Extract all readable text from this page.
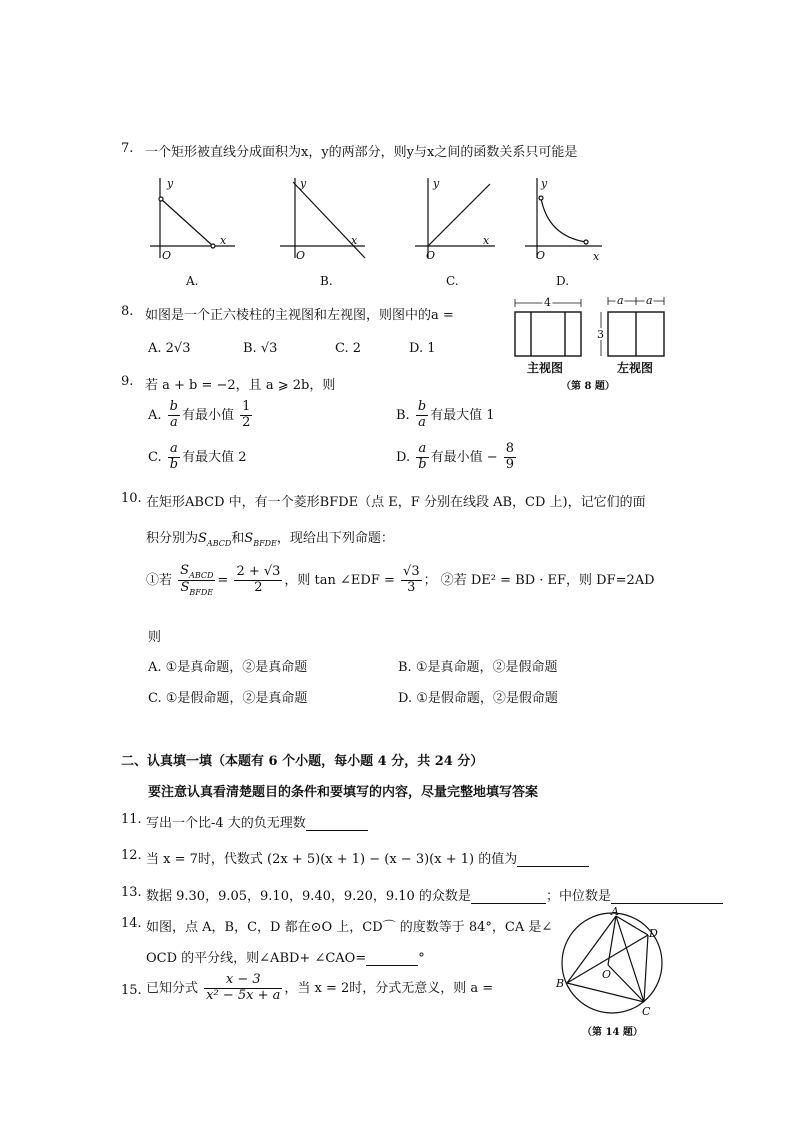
7. 一个矩形被直线分成面积为x，y的两部分，则y与x之间的函数关系只可能是
y
x
O
y
x
O
y
x
O
y
x
O
A.	B.	C.	D.
8. 如图是一个正六棱柱的主视图和左视图，则图中的a =
A. 2√3	B. √3	C. 2	D. 1
4	a a
3
主视图	左视图
（第 8 题）
9. 若 a + b = −2，且 a ⩾ 2b，则
A. $\frac{b}{a}$ 有最小值 $\frac{1}{2}$	B. $\frac{b}{a}$ 有最大值 1
C. $\frac{a}{b}$ 有最大值 2	D. $\frac{a}{b}$ 有最小值 − $\frac{8}{9}$
10. 在矩形ABCD 中，有一个菱形BFDE（点 E，F 分别在线段 AB，CD 上)，记它们的面
积分别为$S_{ABCD}$和$S_{BFDE}$，现给出下列命题：
①若 $\frac{S_{ABCD}}{S_{BFDE}} = \frac{2 + √3}{2}$ ，则 tan ∠EDF = $\frac{√3}{3}$ ； ②若 DE² = BD · EF，则 DF=2AD
则
A. ①是真命题，②是真命题	B. ①是真命题，②是假命题
C. ①是假命题，②是真命题	D. ①是假命题，②是假命题
二、认真填一填（本题有 6 个小题，每小题 4 分，共 24 分）
要注意认真看清楚题目的条件和要填写的内容，尽量完整地填写答案
11. 写出一个比-4 大的负无理数
12. 当 x = 7时，代数式 (2x + 5)(x + 1) − (x − 3)(x + 1) 的值为
13. 数据 9.30，9.05，9.10，9.40，9.20，9.10 的众数是	；中位数是
14. 如图，点 A，B，C，D 都在⊙O 上，CD⌒ 的度数等于 84°，CA 是∠
OCD 的平分线，则∠ABD+ ∠CAO=	°
A
B
C
D
O
（第 14 题）
15. 已知分式 $\frac{x - 3}{\text{x² − 5x + a}}$ ，当 x = 2时，分式无意义，则 a =
